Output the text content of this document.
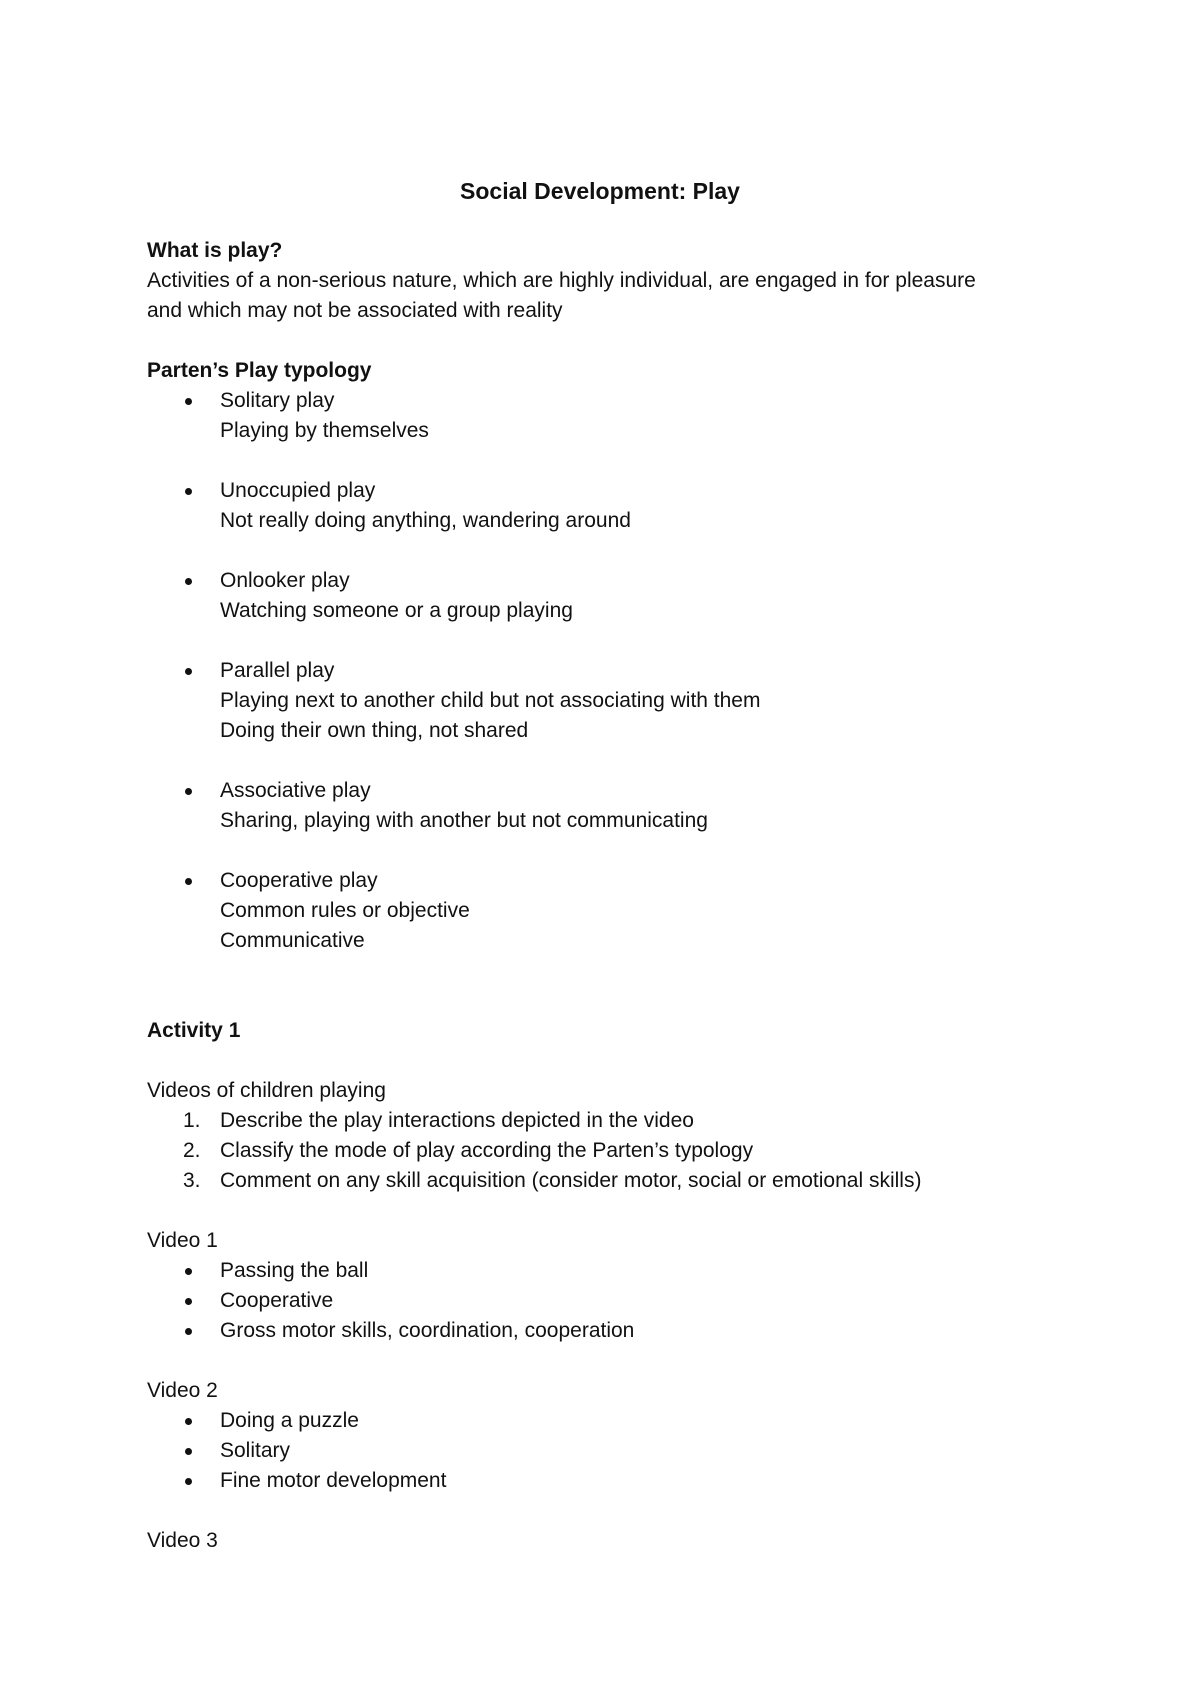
Social Development: Play
What is play?
Activities of a non-serious nature, which are highly individual, are engaged in for pleasure
and which may not be associated with reality
Parten’s Play typology
Solitary play
Playing by themselves
Unoccupied play
Not really doing anything, wandering around
Onlooker play
Watching someone or a group playing
Parallel play
Playing next to another child but not associating with them
Doing their own thing, not shared
Associative play
Sharing, playing with another but not communicating
Cooperative play
Common rules or objective
Communicative
Activity 1
Videos of children playing
1. Describe the play interactions depicted in the video
2. Classify the mode of play according the Parten’s typology
3. Comment on any skill acquisition (consider motor, social or emotional skills)
Video 1
Passing the ball
Cooperative
Gross motor skills, coordination, cooperation
Video 2
Doing a puzzle
Solitary
Fine motor development
Video 3
